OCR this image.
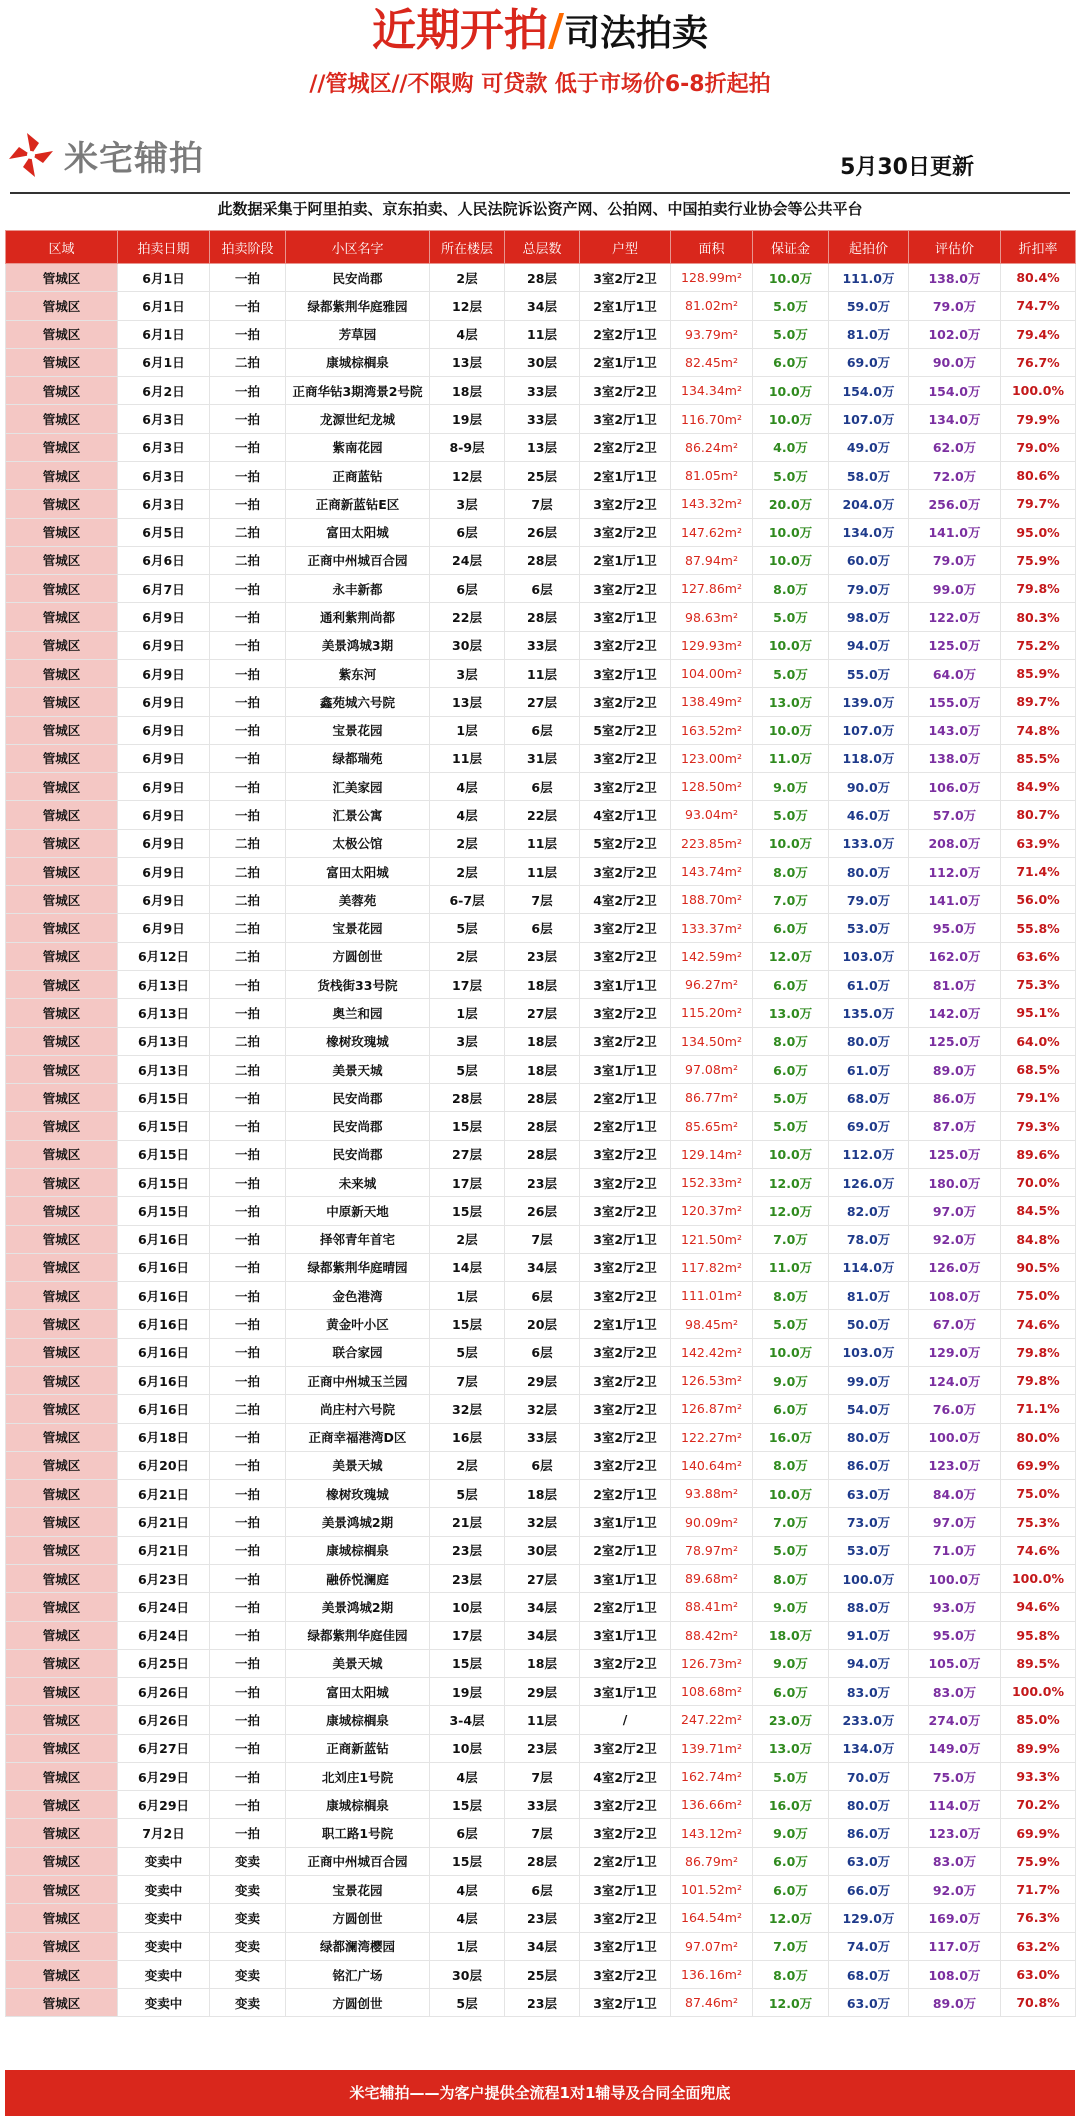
近期开拍/司法拍卖
//管城区//不限购 可贷款 低于市场价6-8折起拍
米宅辅拍	5月30日更新
此数据采集于阿里拍卖、京东拍卖、人民法院诉讼资产网、公拍网、中国拍卖行业协会等公共平台
区域	拍卖日期	拍卖阶段	小区名字	所在楼层	总层数	户型	面积	保证金	起拍价	评估价	折扣率
管城区	6月1日	一拍	民安尚郡	2层	28层	3室2厅2卫	128.99m²	10.0万	111.0万	138.0万	80.4%
管城区	6月1日	一拍	绿都紫荆华庭雅园	12层	34层	2室1厅1卫	81.02m²	5.0万	59.0万	79.0万	74.7%
管城区	6月1日	一拍	芳草园	4层	11层	2室2厅1卫	93.79m²	5.0万	81.0万	102.0万	79.4%
管城区	6月1日	二拍	康城棕榈泉	13层	30层	2室1厅1卫	82.45m²	6.0万	69.0万	90.0万	76.7%
管城区	6月2日	一拍	正商华钻3期湾景2号院	18层	33层	3室2厅2卫	134.34m²	10.0万	154.0万	154.0万	100.0%
管城区	6月3日	一拍	龙源世纪龙城	19层	33层	3室2厅1卫	116.70m²	10.0万	107.0万	134.0万	79.9%
管城区	6月3日	一拍	紫南花园	8-9层	13层	2室2厅2卫	86.24m²	4.0万	49.0万	62.0万	79.0%
管城区	6月3日	一拍	正商蓝钻	12层	25层	2室1厅1卫	81.05m²	5.0万	58.0万	72.0万	80.6%
管城区	6月3日	一拍	正商新蓝钻E区	3层	7层	3室2厅2卫	143.32m²	20.0万	204.0万	256.0万	79.7%
管城区	6月5日	二拍	富田太阳城	6层	26层	3室2厅2卫	147.62m²	10.0万	134.0万	141.0万	95.0%
管城区	6月6日	二拍	正商中州城百合园	24层	28层	2室1厅1卫	87.94m²	10.0万	60.0万	79.0万	75.9%
管城区	6月7日	一拍	永丰新都	6层	6层	3室2厅2卫	127.86m²	8.0万	79.0万	99.0万	79.8%
管城区	6月9日	一拍	通利紫荆尚都	22层	28层	3室2厅1卫	98.63m²	5.0万	98.0万	122.0万	80.3%
管城区	6月9日	一拍	美景鸿城3期	30层	33层	3室2厅2卫	129.93m²	10.0万	94.0万	125.0万	75.2%
管城区	6月9日	一拍	紫东河	3层	11层	3室2厅1卫	104.00m²	5.0万	55.0万	64.0万	85.9%
管城区	6月9日	一拍	鑫苑城六号院	13层	27层	3室2厅2卫	138.49m²	13.0万	139.0万	155.0万	89.7%
管城区	6月9日	一拍	宝景花园	1层	6层	5室2厅2卫	163.52m²	10.0万	107.0万	143.0万	74.8%
管城区	6月9日	一拍	绿都瑞苑	11层	31层	3室2厅2卫	123.00m²	11.0万	118.0万	138.0万	85.5%
管城区	6月9日	一拍	汇美家园	4层	6层	3室2厅2卫	128.50m²	9.0万	90.0万	106.0万	84.9%
管城区	6月9日	一拍	汇景公寓	4层	22层	4室2厅1卫	93.04m²	5.0万	46.0万	57.0万	80.7%
管城区	6月9日	二拍	太极公馆	2层	11层	5室2厅2卫	223.85m²	10.0万	133.0万	208.0万	63.9%
管城区	6月9日	二拍	富田太阳城	2层	11层	3室2厅2卫	143.74m²	8.0万	80.0万	112.0万	71.4%
管城区	6月9日	二拍	美蓉苑	6-7层	7层	4室2厅2卫	188.70m²	7.0万	79.0万	141.0万	56.0%
管城区	6月9日	二拍	宝景花园	5层	6层	3室2厅2卫	133.37m²	6.0万	53.0万	95.0万	55.8%
管城区	6月12日	二拍	方圆创世	2层	23层	3室2厅2卫	142.59m²	12.0万	103.0万	162.0万	63.6%
管城区	6月13日	一拍	货栈街33号院	17层	18层	3室1厅1卫	96.27m²	6.0万	61.0万	81.0万	75.3%
管城区	6月13日	一拍	奥兰和园	1层	27层	3室2厅2卫	115.20m²	13.0万	135.0万	142.0万	95.1%
管城区	6月13日	二拍	橡树玫瑰城	3层	18层	3室2厅2卫	134.50m²	8.0万	80.0万	125.0万	64.0%
管城区	6月13日	二拍	美景天城	5层	18层	3室1厅1卫	97.08m²	6.0万	61.0万	89.0万	68.5%
管城区	6月15日	一拍	民安尚郡	28层	28层	2室2厅1卫	86.77m²	5.0万	68.0万	86.0万	79.1%
管城区	6月15日	一拍	民安尚郡	15层	28层	2室2厅1卫	85.65m²	5.0万	69.0万	87.0万	79.3%
管城区	6月15日	一拍	民安尚郡	27层	28层	3室2厅2卫	129.14m²	10.0万	112.0万	125.0万	89.6%
管城区	6月15日	一拍	未来城	17层	23层	3室2厅2卫	152.33m²	12.0万	126.0万	180.0万	70.0%
管城区	6月15日	一拍	中原新天地	15层	26层	3室2厅2卫	120.37m²	12.0万	82.0万	97.0万	84.5%
管城区	6月16日	一拍	择邻青年首宅	2层	7层	3室2厅1卫	121.50m²	7.0万	78.0万	92.0万	84.8%
管城区	6月16日	一拍	绿都紫荆华庭晴园	14层	34层	3室2厅2卫	117.82m²	11.0万	114.0万	126.0万	90.5%
管城区	6月16日	一拍	金色港湾	1层	6层	3室2厅2卫	111.01m²	8.0万	81.0万	108.0万	75.0%
管城区	6月16日	一拍	黄金叶小区	15层	20层	2室1厅1卫	98.45m²	5.0万	50.0万	67.0万	74.6%
管城区	6月16日	一拍	联合家园	5层	6层	3室2厅2卫	142.42m²	10.0万	103.0万	129.0万	79.8%
管城区	6月16日	一拍	正商中州城玉兰园	7层	29层	3室2厅2卫	126.53m²	9.0万	99.0万	124.0万	79.8%
管城区	6月16日	二拍	尚庄村六号院	32层	32层	3室2厅2卫	126.87m²	6.0万	54.0万	76.0万	71.1%
管城区	6月18日	一拍	正商幸福港湾D区	16层	33层	3室2厅2卫	122.27m²	16.0万	80.0万	100.0万	80.0%
管城区	6月20日	一拍	美景天城	2层	6层	3室2厅2卫	140.64m²	8.0万	86.0万	123.0万	69.9%
管城区	6月21日	一拍	橡树玫瑰城	5层	18层	2室2厅1卫	93.88m²	10.0万	63.0万	84.0万	75.0%
管城区	6月21日	一拍	美景鸿城2期	21层	32层	3室1厅1卫	90.09m²	7.0万	73.0万	97.0万	75.3%
管城区	6月21日	一拍	康城棕榈泉	23层	30层	2室2厅1卫	78.97m²	5.0万	53.0万	71.0万	74.6%
管城区	6月23日	一拍	融侨悦澜庭	23层	27层	3室1厅1卫	89.68m²	8.0万	100.0万	100.0万	100.0%
管城区	6月24日	一拍	美景鸿城2期	10层	34层	2室2厅1卫	88.41m²	9.0万	88.0万	93.0万	94.6%
管城区	6月24日	一拍	绿都紫荆华庭佳园	17层	34层	3室1厅1卫	88.42m²	18.0万	91.0万	95.0万	95.8%
管城区	6月25日	一拍	美景天城	15层	18层	3室2厅2卫	126.73m²	9.0万	94.0万	105.0万	89.5%
管城区	6月26日	一拍	富田太阳城	19层	29层	3室1厅1卫	108.68m²	6.0万	83.0万	83.0万	100.0%
管城区	6月26日	一拍	康城棕榈泉	3-4层	11层	/	247.22m²	23.0万	233.0万	274.0万	85.0%
管城区	6月27日	一拍	正商新蓝钻	10层	23层	3室2厅2卫	139.71m²	13.0万	134.0万	149.0万	89.9%
管城区	6月29日	一拍	北刘庄1号院	4层	7层	4室2厅2卫	162.74m²	5.0万	70.0万	75.0万	93.3%
管城区	6月29日	一拍	康城棕榈泉	15层	33层	3室2厅2卫	136.66m²	16.0万	80.0万	114.0万	70.2%
管城区	7月2日	一拍	职工路1号院	6层	7层	3室2厅2卫	143.12m²	9.0万	86.0万	123.0万	69.9%
管城区	变卖中	变卖	正商中州城百合园	15层	28层	2室2厅1卫	86.79m²	6.0万	63.0万	83.0万	75.9%
管城区	变卖中	变卖	宝景花园	4层	6层	3室2厅1卫	101.52m²	6.0万	66.0万	92.0万	71.7%
管城区	变卖中	变卖	方圆创世	4层	23层	3室2厅2卫	164.54m²	12.0万	129.0万	169.0万	76.3%
管城区	变卖中	变卖	绿都澜湾樱园	1层	34层	3室2厅1卫	97.07m²	7.0万	74.0万	117.0万	63.2%
管城区	变卖中	变卖	铭汇广场	30层	25层	3室2厅2卫	136.16m²	8.0万	68.0万	108.0万	63.0%
管城区	变卖中	变卖	方圆创世	5层	23层	3室2厅1卫	87.46m²	12.0万	63.0万	89.0万	70.8%
米宅辅拍——为客户提供全流程1对1辅导及合同全面兜底
